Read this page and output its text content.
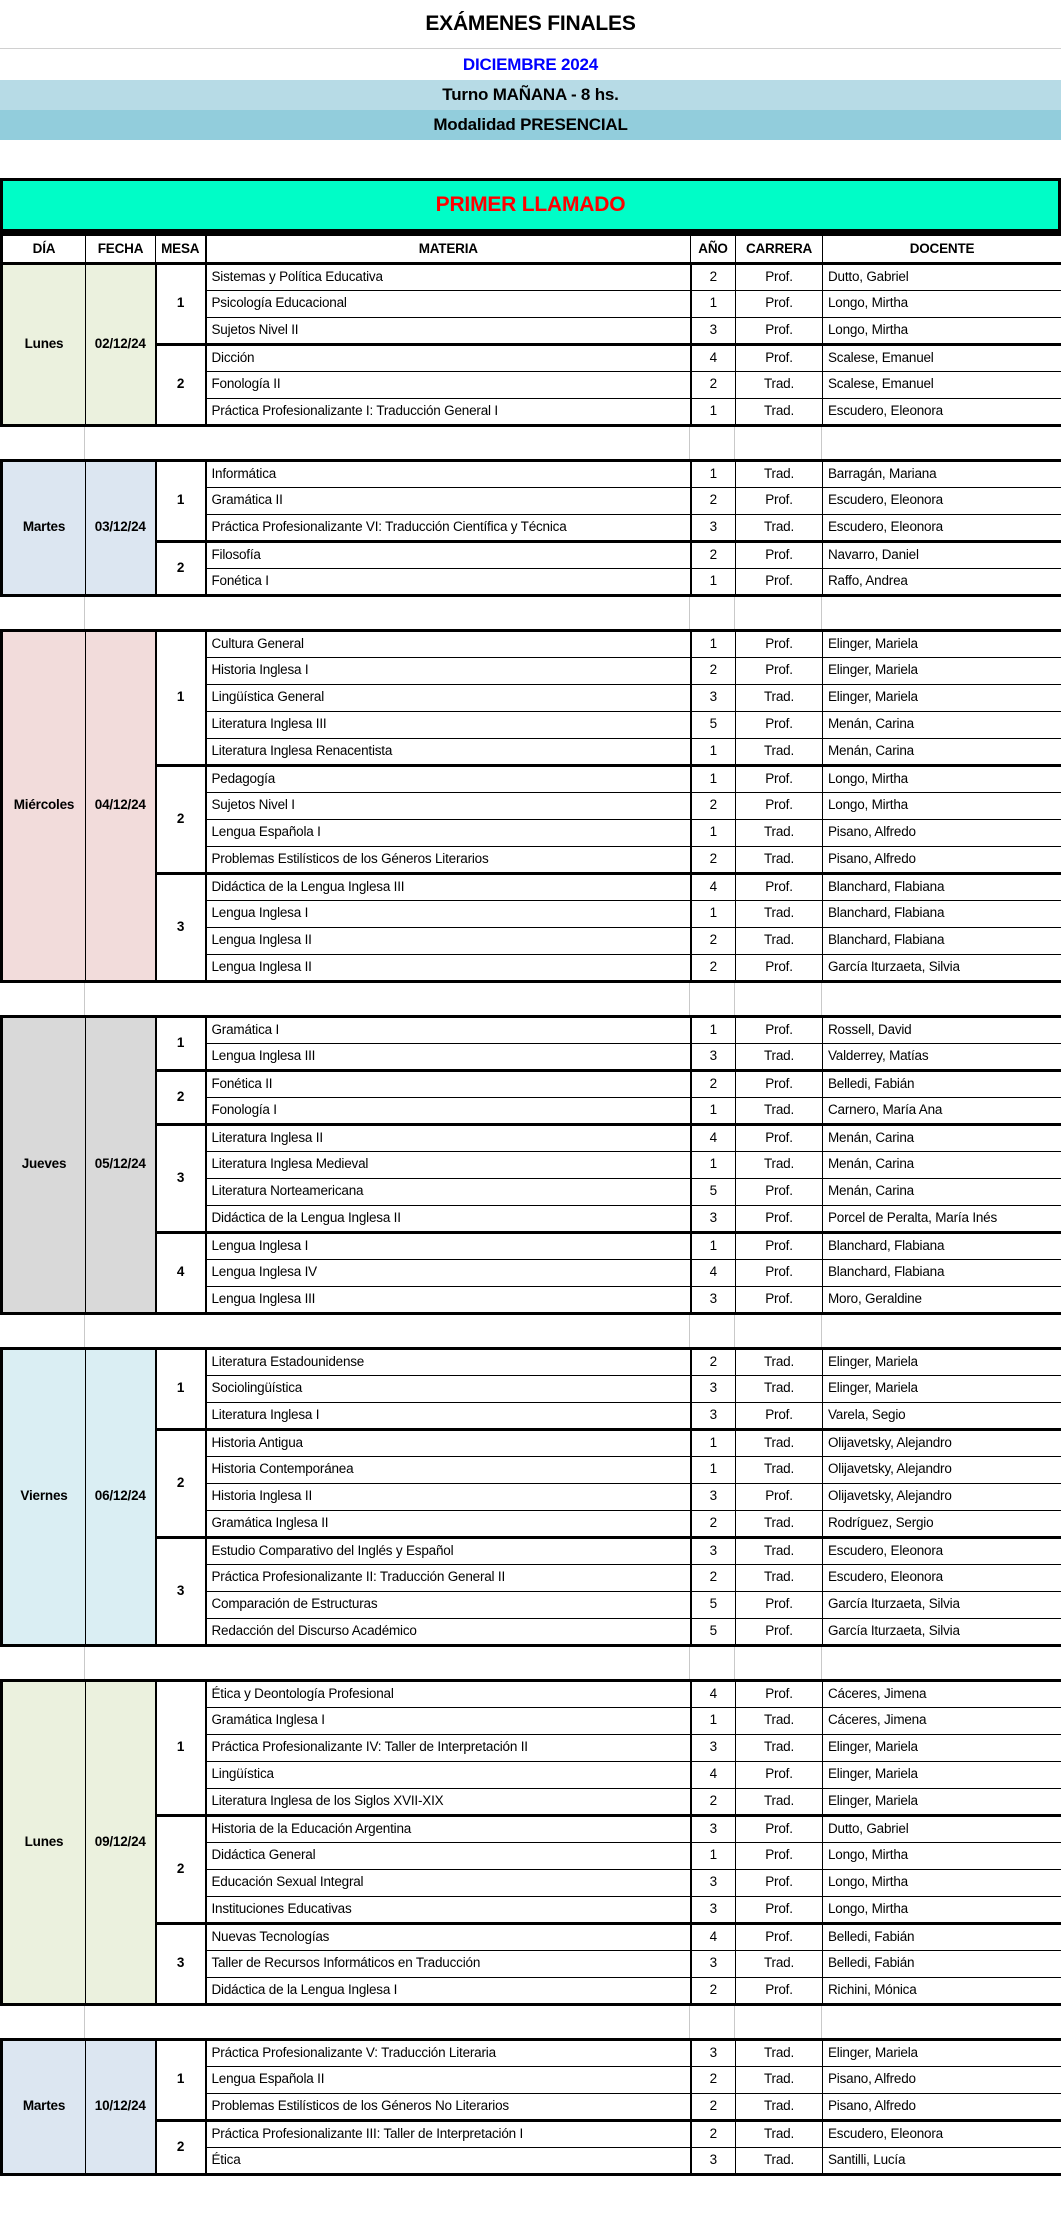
EXÁMENES FINALES
DICIEMBRE 2024
Turno MAÑANA - 8 hs.
Modalidad PRESENCIAL
PRIMER LLAMADO
DÍA	FECHA	MESA	MATERIA	AÑO	CARRERA	DOCENTE
Lunes	02/12/24	1	Sistemas y Política Educativa	2	Prof.	Dutto, Gabriel
			Psicología Educacional	1	Prof.	Longo, Mirtha
			Sujetos Nivel II	3	Prof.	Longo, Mirtha
		2	Dicción	4	Prof.	Scalese, Emanuel
			Fonología II	2	Trad.	Scalese, Emanuel
			Práctica Profesionalizante I: Traducción General I	1	Trad.	Escudero, Eleonora
Martes	03/12/24	1	Informática	1	Trad.	Barragán, Mariana
			Gramática II	2	Prof.	Escudero, Eleonora
			Práctica Profesionalizante VI: Traducción Científica y Técnica	3	Trad.	Escudero, Eleonora
		2	Filosofía	2	Prof.	Navarro, Daniel
			Fonética I	1	Prof.	Raffo, Andrea
Miércoles	04/12/24	1	Cultura General	1	Prof.	Elinger, Mariela
			Historia Inglesa I	2	Prof.	Elinger, Mariela
			Lingüística General	3	Trad.	Elinger, Mariela
			Literatura Inglesa III	5	Prof.	Menán, Carina
			Literatura Inglesa Renacentista	1	Trad.	Menán, Carina
		2	Pedagogía	1	Prof.	Longo, Mirtha
			Sujetos Nivel I	2	Prof.	Longo, Mirtha
			Lengua Española I	1	Trad.	Pisano, Alfredo
			Problemas Estilísticos de los Géneros Literarios	2	Trad.	Pisano, Alfredo
		3	Didáctica de la Lengua Inglesa III	4	Prof.	Blanchard, Flabiana
			Lengua Inglesa I	1	Trad.	Blanchard, Flabiana
			Lengua Inglesa II	2	Trad.	Blanchard, Flabiana
			Lengua Inglesa II	2	Prof.	García Iturzaeta, Silvia
Jueves	05/12/24	1	Gramática I	1	Prof.	Rossell, David
			Lengua Inglesa III	3	Trad.	Valderrey, Matías
		2	Fonética II	2	Prof.	Belledi, Fabián
			Fonología I	1	Trad.	Carnero, María Ana
		3	Literatura Inglesa II	4	Prof.	Menán, Carina
			Literatura Inglesa Medieval	1	Trad.	Menán, Carina
			Literatura Norteamericana	5	Prof.	Menán, Carina
			Didáctica de la Lengua Inglesa II	3	Prof.	Porcel de Peralta, María Inés
		4	Lengua Inglesa I	1	Prof.	Blanchard, Flabiana
			Lengua Inglesa IV	4	Prof.	Blanchard, Flabiana
			Lengua Inglesa III	3	Prof.	Moro, Geraldine
Viernes	06/12/24	1	Literatura Estadounidense	2	Trad.	Elinger, Mariela
			Sociolingüística	3	Trad.	Elinger, Mariela
			Literatura Inglesa I	3	Prof.	Varela, Segio
		2	Historia Antigua	1	Trad.	Olijavetsky, Alejandro
			Historia Contemporánea	1	Trad.	Olijavetsky, Alejandro
			Historia Inglesa II	3	Prof.	Olijavetsky, Alejandro
			Gramática Inglesa II	2	Trad.	Rodríguez, Sergio
		3	Estudio Comparativo del Inglés y Español	3	Trad.	Escudero, Eleonora
			Práctica Profesionalizante II: Traducción General II	2	Trad.	Escudero, Eleonora
			Comparación de Estructuras	5	Prof.	García Iturzaeta, Silvia
			Redacción del Discurso Académico	5	Prof.	García Iturzaeta, Silvia
Lunes	09/12/24	1	Ética y Deontología Profesional	4	Prof.	Cáceres, Jimena
			Gramática Inglesa I	1	Trad.	Cáceres, Jimena
			Práctica Profesionalizante IV: Taller de Interpretación II	3	Trad.	Elinger, Mariela
			Lingüística	4	Prof.	Elinger, Mariela
			Literatura Inglesa de los Siglos XVII-XIX	2	Trad.	Elinger, Mariela
		2	Historia de la Educación Argentina	3	Prof.	Dutto, Gabriel
			Didáctica General	1	Prof.	Longo, Mirtha
			Educación Sexual Integral	3	Prof.	Longo, Mirtha
			Instituciones Educativas	3	Prof.	Longo, Mirtha
		3	Nuevas Tecnologías	4	Prof.	Belledi, Fabián
			Taller de Recursos Informáticos en Traducción	3	Trad.	Belledi, Fabián
			Didáctica de la Lengua Inglesa I	2	Prof.	Richini, Mónica
Martes	10/12/24	1	Práctica Profesionalizante V: Traducción Literaria	3	Trad.	Elinger, Mariela
			Lengua Española II	2	Trad.	Pisano, Alfredo
			Problemas Estilísticos de los Géneros No Literarios	2	Trad.	Pisano, Alfredo
		2	Práctica Profesionalizante III: Taller de Interpretación I	2	Trad.	Escudero, Eleonora
			Ética	3	Trad.	Santilli, Lucía
